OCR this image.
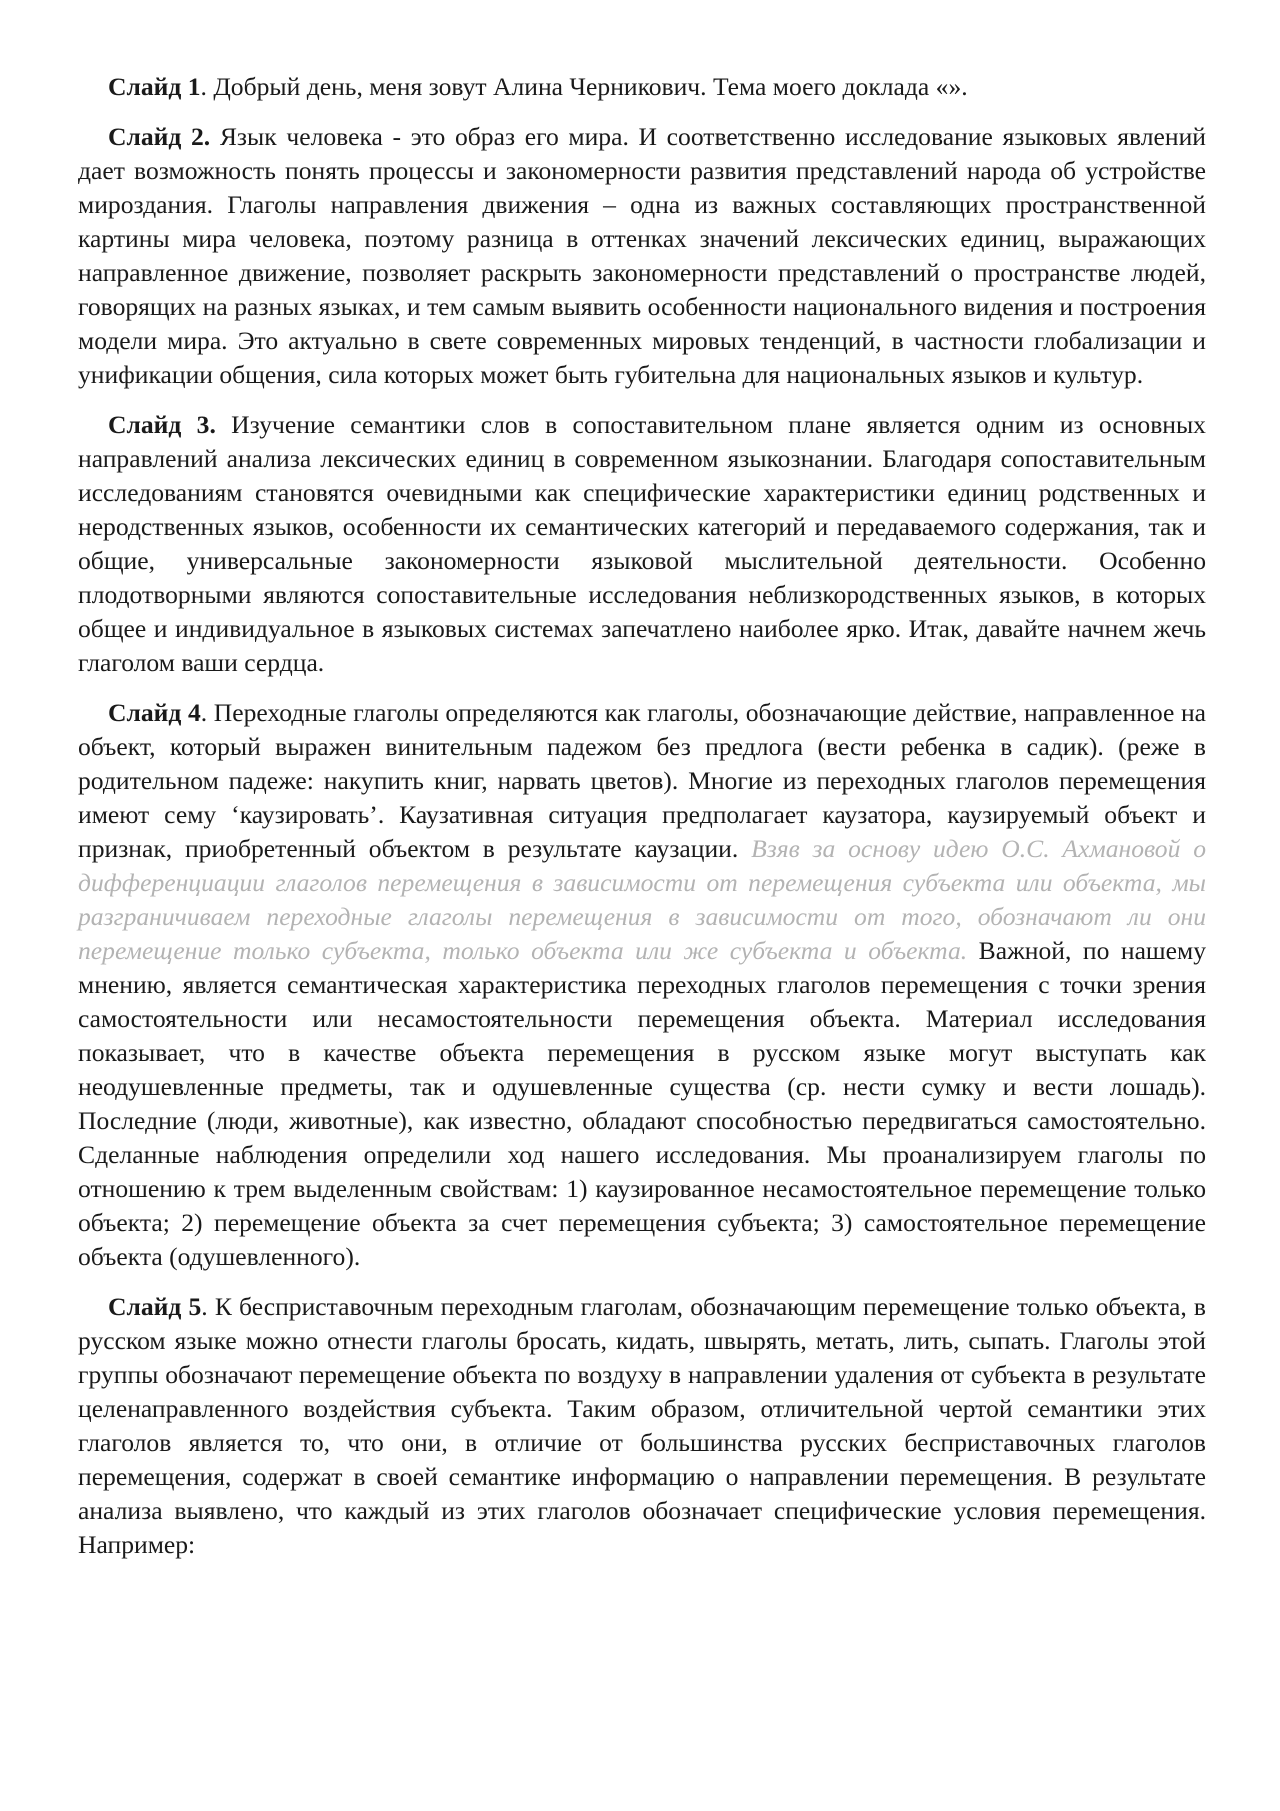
Слайд 1. Добрый день, меня зовут Алина Черникович. Тема моего доклада «».

Слайд 2. Язык человека - это образ его мира. И соответственно исследование языковых явлений дает возможность понять процессы и закономерности развития представлений народа об устройстве мироздания. Глаголы направления движения – одна из важных составляющих пространственной картины мира человека, поэтому разница в оттенках значений лексических единиц, выражающих направленное движение, позволяет раскрыть закономерности представлений о пространстве людей, говорящих на разных языках, и тем самым выявить особенности национального видения и построения модели мира. Это актуально в свете современных мировых тенденций, в частности глобализации и унификации общения, сила которых может быть губительна для национальных языков и культур.

Слайд 3. Изучение семантики слов в сопоставительном плане является одним из основных направлений анализа лексических единиц в современном языкознании. Благодаря сопоставительным исследованиям становятся очевидными как специфические характеристики единиц родственных и неродственных языков, особенности их семантических категорий и передаваемого содержания, так и общие, универсальные закономерности языковой мыслительной деятельности. Особенно плодотворными являются сопоставительные исследования неблизкородственных языков, в которых общее и индивидуальное в языковых системах запечатлено наиболее ярко. Итак, давайте начнем жечь глаголом ваши сердца.

Слайд 4. Переходные глаголы определяются как глаголы, обозначающие действие, направленное на объект, который выражен винительным падежом без предлога (вести ребенка в садик). (реже в родительном падеже: накупить книг, нарвать цветов). Многие из переходных глаголов перемещения имеют сему ‘каузировать’. Каузативная ситуация предполагает каузатора, каузируемый объект и признак, приобретенный объектом в результате каузации. Взяв за основу идею О.С. Ахмановой о дифференциации глаголов перемещения в зависимости от перемещения субъекта или объекта, мы разграничиваем переходные глаголы перемещения в зависимости от того, обозначают ли они перемещение только субъекта, только объекта или же субъекта и объекта. Важной, по нашему мнению, является семантическая характеристика переходных глаголов перемещения с точки зрения самостоятельности или несамостоятельности перемещения объекта. Материал исследования показывает, что в качестве объекта перемещения в русском языке могут выступать как неодушевленные предметы, так и одушевленные существа (ср. нести сумку и вести лошадь). Последние (люди, животные), как известно, обладают способностью передвигаться самостоятельно. Сделанные наблюдения определили ход нашего исследования. Мы проанализируем глаголы по отношению к трем выделенным свойствам: 1) каузированное несамостоятельное перемещение только объекта; 2) перемещение объекта за счет перемещения субъекта; 3) самостоятельное перемещение объекта (одушевленного).

Слайд 5. К бесприставочным переходным глаголам, обозначающим перемещение только объекта, в русском языке можно отнести глаголы бросать, кидать, швырять, метать, лить, сыпать. Глаголы этой группы обозначают перемещение объекта по воздуху в направлении удаления от субъекта в результате целенаправленного воздействия субъекта. Таким образом, отличительной чертой семантики этих глаголов является то, что они, в отличие от большинства русских бесприставочных глаголов перемещения, содержат в своей семантике информацию о направлении перемещения. В результате анализа выявлено, что каждый из этих глаголов обозначает специфические условия перемещения. Например:
